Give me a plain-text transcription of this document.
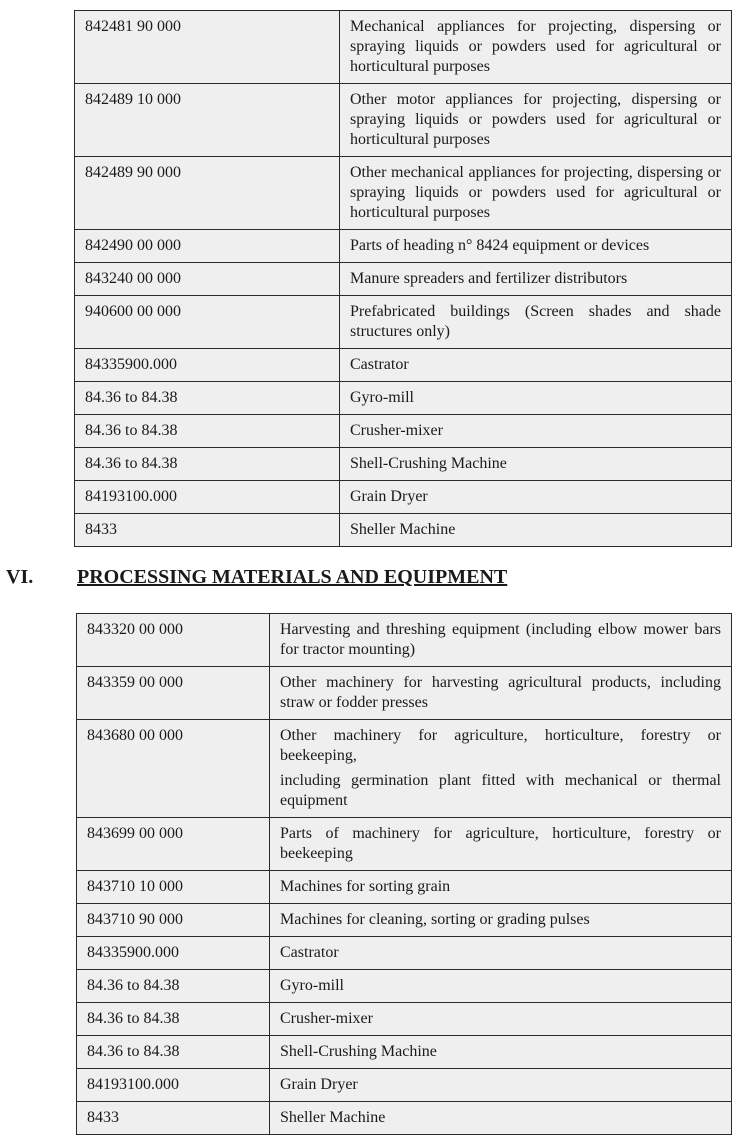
842481 90 000	Mechanical appliances for projecting, dispersing or spraying liquids or powders used for agricultural or horticultural purposes

842489 10 000	Other motor appliances for projecting, dispersing or spraying liquids or powders used for agricultural or horticultural purposes

842489 90 000	Other mechanical appliances for projecting, dispersing or spraying liquids or powders used for agricultural or horticultural purposes

842490 00 000	Parts of heading n° 8424 equipment or devices

843240 00 000	Manure spreaders and fertilizer distributors

940600 00 000	Prefabricated buildings (Screen shades and shade structures only)

84335900.000	Castrator

84.36 to 84.38	Gyro-mill

84.36 to 84.38	Crusher-mixer

84.36 to 84.38	Shell-Crushing Machine

84193100.000	Grain Dryer

8433	Sheller Machine

VI. PROCESSING MATERIALS AND EQUIPMENT
843320 00 000	Harvesting and threshing equipment (including elbow mower bars for tractor mounting)

843359 00 000	Other machinery for harvesting agricultural products, including straw or fodder presses

843680 00 000	Other machinery for agriculture, horticulture, forestry or beekeeping,

including germination plant fitted with mechanical or thermal equipment

843699 00 000	Parts of machinery for agriculture, horticulture, forestry or beekeeping

843710 10 000	Machines for sorting grain

843710 90 000	Machines for cleaning, sorting or grading pulses

84335900.000	Castrator

84.36 to 84.38	Gyro-mill

84.36 to 84.38	Crusher-mixer

84.36 to 84.38	Shell-Crushing Machine

84193100.000	Grain Dryer

8433	Sheller Machine
